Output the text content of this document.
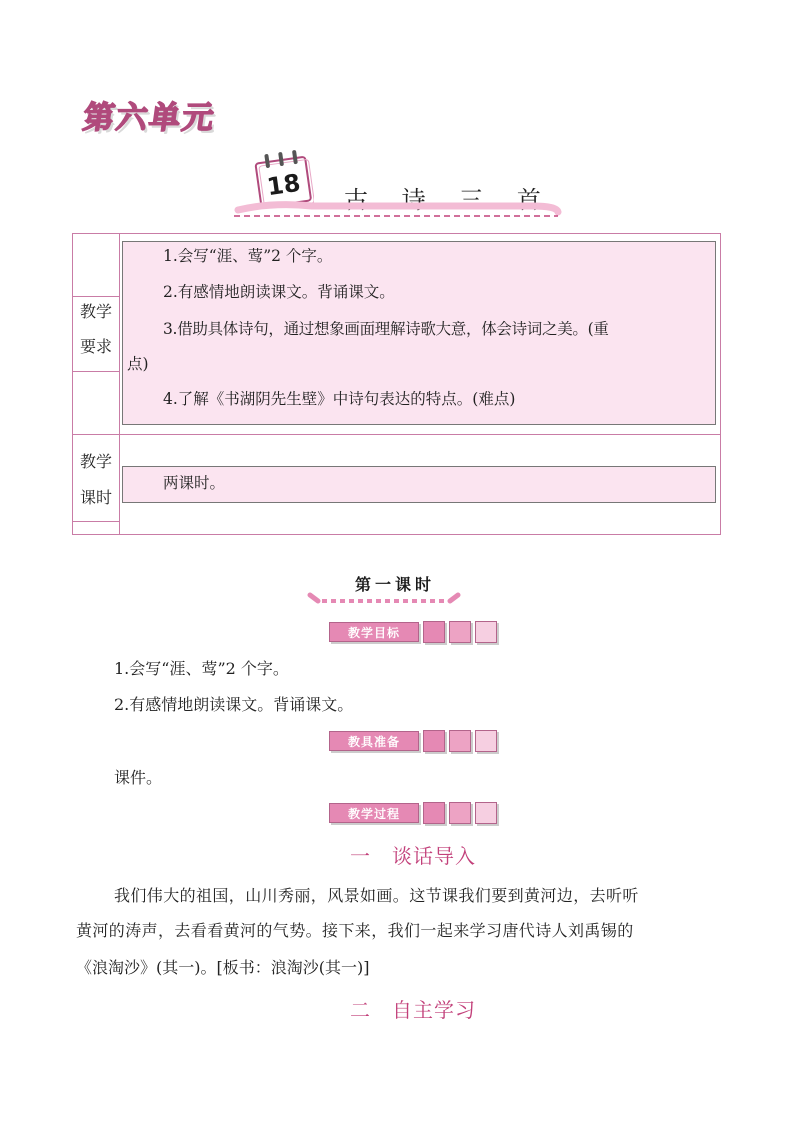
第
六
单
元
18 古 诗 三 首
教学
要求
教学
课时
1.会写“涯、莺”2 个字。
2.有感情地朗读课文。背诵课文。
3.借助具体诗句，通过想象画面理解诗歌大意，体会诗词之美。(重
点)
4.了解《书湖阴先生壁》中诗句表达的特点。(难点)
两课时。
第一课时
教学目标
1.会写“涯、莺”2 个字。
2.有感情地朗读课文。背诵课文。
教具准备
课件。
教学过程
一　谈话导入
我们伟大的祖国，山川秀丽，风景如画。这节课我们要到黄河边，去听听
黄河的涛声，去看看黄河的气势。接下来，我们一起来学习唐代诗人刘禹锡的
《浪淘沙》(其一)。[板书：浪淘沙(其一)]
二　自主学习
